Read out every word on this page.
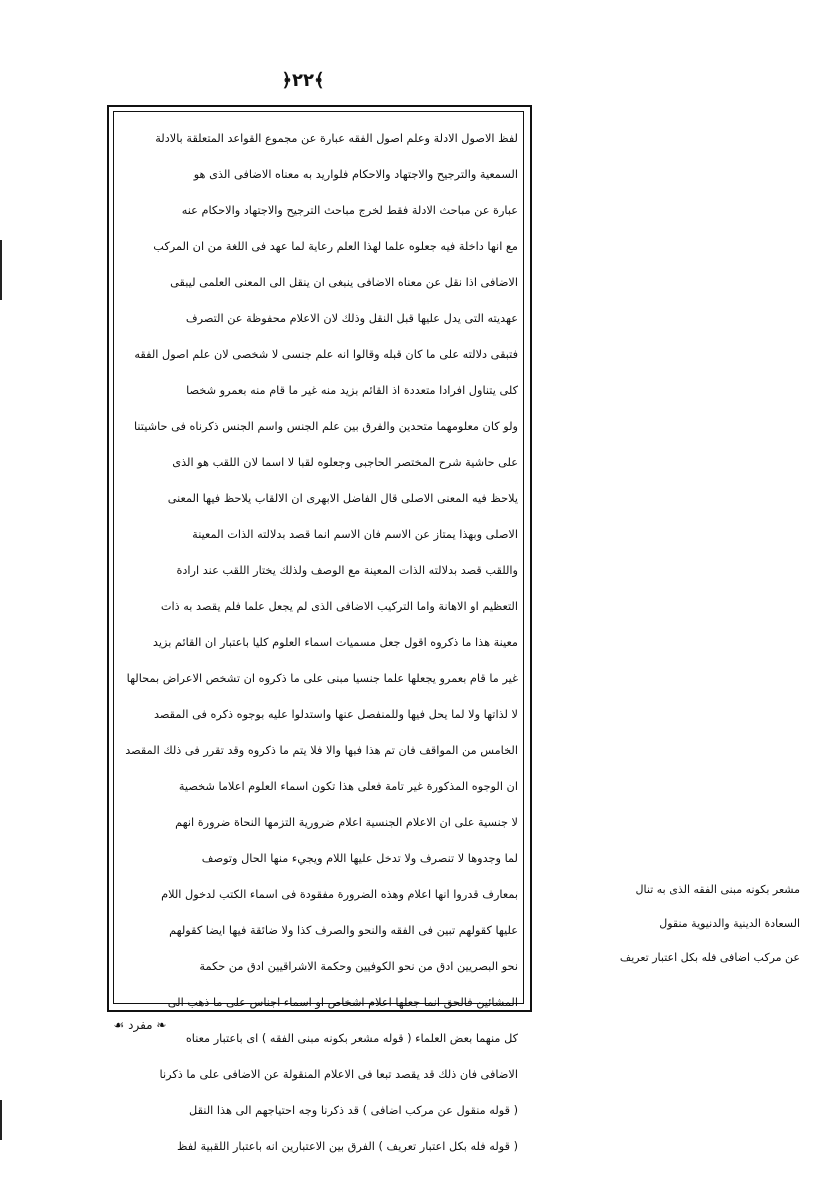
﴿٢٢﴾
لفظ الاصول الادلة وعلم اصول الفقه عبارة عن مجموع القواعد المتعلقة بالادلة
السمعية والترجيح والاجتهاد والاحكام فلواريد به معناه الاضافى الذى هو
عبارة عن مباحث الادلة فقط لخرج مباحث الترجيح والاجتهاد والاحكام عنه
مع انها داخلة فيه جعلوه علما لهذا العلم رعاية لما عهد فى اللغة من ان المركب
الاضافى اذا نقل عن معناه الاضافى ينبغى ان ينقل الى المعنى العلمى ليبقى
عهديته التى يدل عليها قبل النقل وذلك لان الاعلام محفوظة عن التصرف
فتبقى دلالته على ما كان قبله وقالوا انه علم جنسى لا شخصى لان علم اصول الفقه
كلى يتناول افرادا متعددة اذ القائم بزيد منه غير ما قام منه بعمرو شخصا
ولو كان معلومهما متحدين والفرق بين علم الجنس واسم الجنس ذكرناه فى حاشيتنا
على حاشية شرح المختصر الحاجبى وجعلوه لقبا لا اسما لان اللقب هو الذى
يلاحظ فيه المعنى الاصلى قال الفاضل الابهرى ان الالقاب يلاحظ فيها المعنى
الاصلى وبهذا يمتاز عن الاسم فان الاسم انما قصد بدلالته الذات المعينة
واللقب قصد بدلالته الذات المعينة مع الوصف ولذلك يختار اللقب عند ارادة
التعظيم او الاهانة واما التركيب الاضافى الذى لم يجعل علما فلم يقصد به ذات
معينة هذا ما ذكروه اقول جعل مسميات اسماء العلوم كليا باعتبار ان القائم بزيد
غير ما قام بعمرو يجعلها علما جنسيا مبنى على ما ذكروه ان تشخص الاعراض بمحالها
لا لذاتها ولا لما يحل فيها وللمنفصل عنها واستدلوا عليه بوجوه ذكره فى المقصد
الخامس من المواقف فان تم هذا فبها والا فلا يتم ما ذكروه وقد تقرر فى ذلك المقصد
ان الوجوه المذكورة غير تامة فعلى هذا تكون اسماء العلوم اعلاما شخصية
لا جنسية على ان الاعلام الجنسية اعلام ضرورية التزمها النحاة ضرورة انهم
لما وجدوها لا تنصرف ولا تدخل عليها اللام ويجيء منها الحال وتوصف
بمعارف قدروا انها اعلام وهذه الضرورة مفقودة فى اسماء الكتب لدخول اللام
عليها كقولهم تبين فى الفقه والنحو والصرف كذا ولا ضائقة فيها ايضا كقولهم
نحو البصريين ادق من نحو الكوفيين وحكمة الاشراقيين ادق من حكمة
المشائين فالحق انما جعلها اعلام اشخاص او اسماء اجناس على ما ذهب الى
كل منهما بعض العلماء ( قوله مشعر بكونه مبنى الفقه ) اى باعتبار معناه
الاضافى فان ذلك قد يقصد تبعا فى الاعلام المنقولة عن الاضافى على ما ذكرنا
( قوله منقول عن مركب اضافى ) قد ذكرنا وجه احتياجهم الى هذا النقل
( قوله فله بكل اعتبار تعريف ) الفرق بين الاعتبارين انه باعتبار اللقبية لفظ
مشعر بكونه مبنى الفقه الذى به تنال
السعادة الدينية والدنيوية منقول
عن مركب اضافى فله بكل اعتبار تعريف
❧ مفرد ☙
